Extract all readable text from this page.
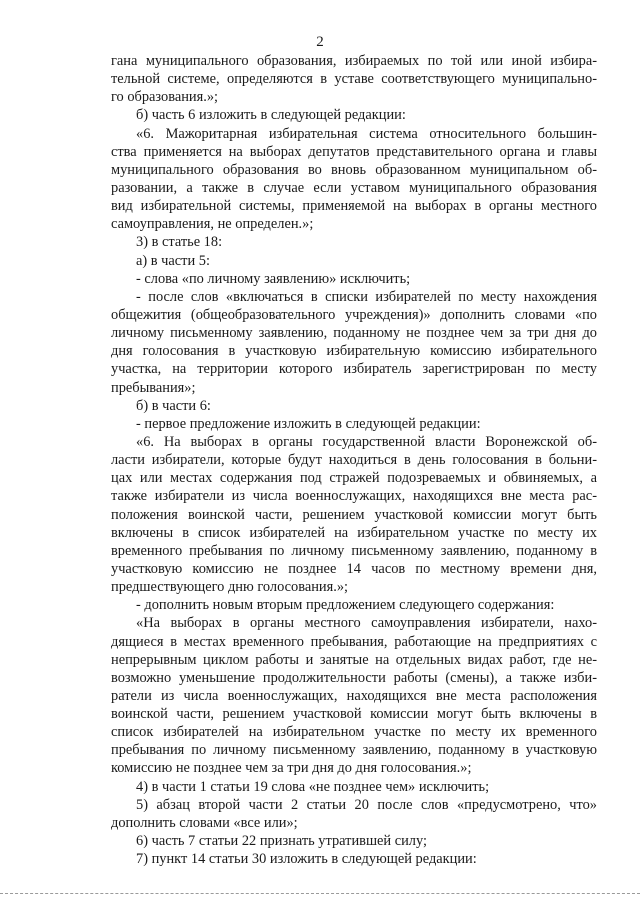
2
гана муниципального образования, избираемых по той или иной избира-
тельной системе, определяются в уставе соответствующего муниципально-
го образования.»;
б) часть 6 изложить в следующей редакции:
«6. Мажоритарная избирательная система относительного большин-
ства применяется на выборах депутатов представительного органа и главы
муниципального образования во вновь образованном муниципальном об-
разовании, а также в случае если уставом муниципального образования
вид избирательной системы, применяемой на выборах в органы местного
самоуправления, не определен.»;
3) в статье 18:
а) в части 5:
- слова «по личному заявлению» исключить;
- после слов «включаться в списки избирателей по месту нахождения
общежития (общеобразовательного учреждения)» дополнить словами «по
личному письменному заявлению, поданному не позднее чем за три дня до
дня голосования в участковую избирательную комиссию избирательного
участка, на территории которого избиратель зарегистрирован по месту
пребывания»;
б) в части 6:
- первое предложение изложить в следующей редакции:
«6. На выборах в органы государственной власти Воронежской об-
ласти избиратели, которые будут находиться в день голосования в больни-
цах или местах содержания под стражей подозреваемых и обвиняемых, а
также избиратели из числа военнослужащих, находящихся вне места рас-
положения воинской части, решением участковой комиссии могут быть
включены в список избирателей на избирательном участке по месту их
временного пребывания по личному письменному заявлению, поданному в
участковую комиссию не позднее 14 часов по местному времени дня,
предшествующего дню голосования.»;
- дополнить новым вторым предложением следующего содержания:
«На выборах в органы местного самоуправления избиратели, нахо-
дящиеся в местах временного пребывания, работающие на предприятиях с
непрерывным циклом работы и занятые на отдельных видах работ, где не-
возможно уменьшение продолжительности работы (смены), а также изби-
ратели из числа военнослужащих, находящихся вне места расположения
воинской части, решением участковой комиссии могут быть включены в
список избирателей на избирательном участке по месту их временного
пребывания по личному письменному заявлению, поданному в участковую
комиссию не позднее чем за три дня до дня голосования.»;
4) в части 1 статьи 19 слова «не позднее чем» исключить;
5) абзац второй части 2 статьи 20 после слов «предусмотрено, что»
дополнить словами «все или»;
6) часть 7 статьи 22 признать утратившей силу;
7) пункт 14 статьи 30 изложить в следующей редакции:
